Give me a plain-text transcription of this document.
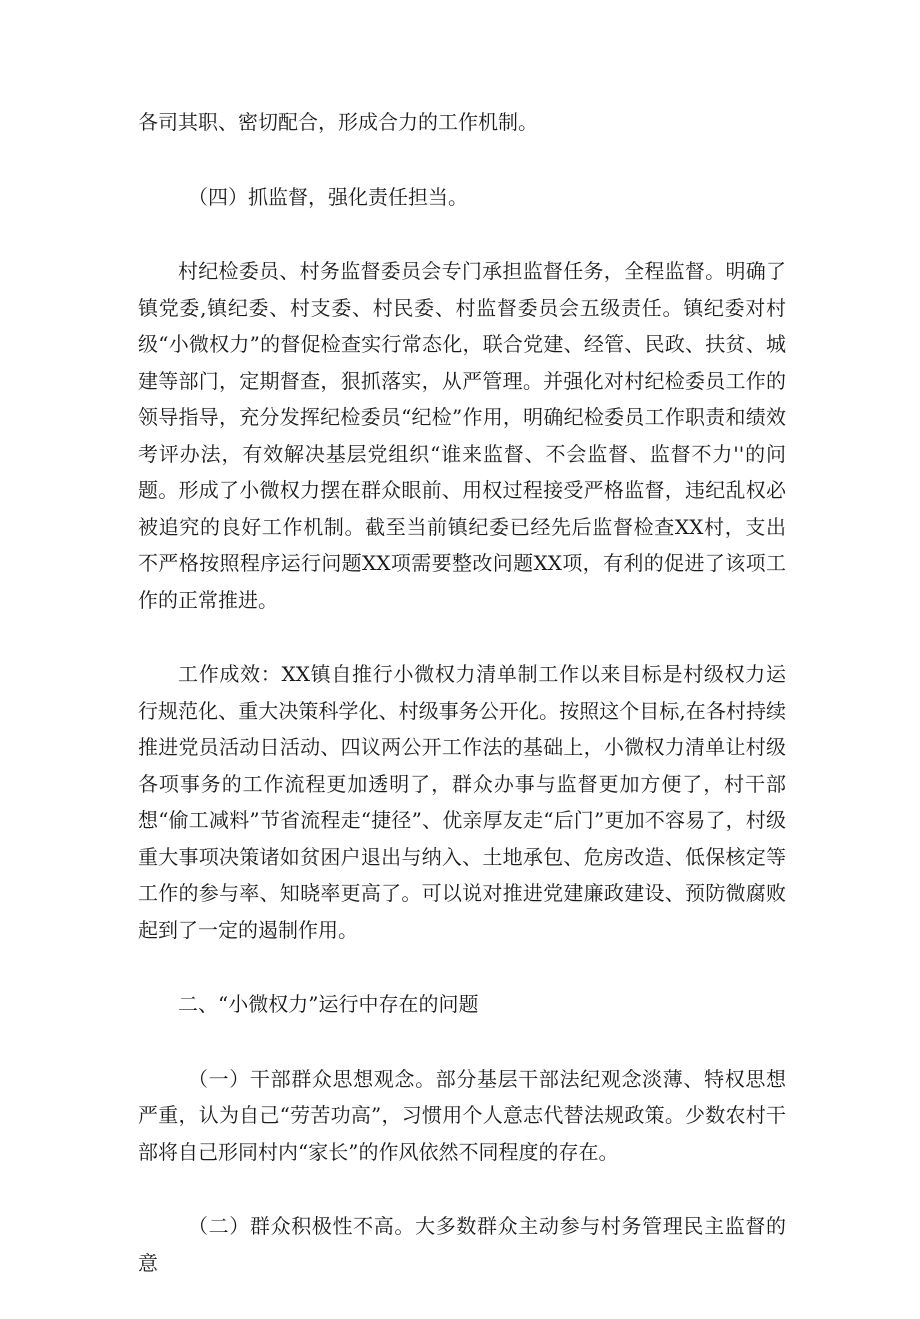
各司其职、密切配合，形成合力的工作机制。

（四）抓监督，强化责任担当。

村纪检委员、村务监督委员会专门承担监督任务，全程监督。明确了镇党委,镇纪委、村支委、村民委、村监督委员会五级责任。镇纪委对村级“小微权力”的督促检查实行常态化，联合党建、经管、民政、扶贫、城建等部门，定期督查，狠抓落实，从严管理。并强化对村纪检委员工作的领导指导，充分发挥纪检委员“纪检”作用，明确纪检委员工作职责和绩效考评办法，有效解决基层党组织“谁来监督、不会监督、监督不力''的问题。形成了小微权力摆在群众眼前、用权过程接受严格监督，违纪乱权必被追究的良好工作机制。截至当前镇纪委已经先后监督检查XX村，支出不严格按照程序运行问题XX项需要整改问题XX项，有利的促进了该项工作的正常推进。

工作成效：XX镇自推行小微权力清单制工作以来目标是村级权力运行规范化、重大决策科学化、村级事务公开化。按照这个目标,在各村持续推进党员活动日活动、四议两公开工作法的基础上，小微权力清单让村级各项事务的工作流程更加透明了，群众办事与监督更加方便了，村干部想“偷工减料”节省流程走“捷径”、优亲厚友走“后门”更加不容易了，村级重大事项决策诸如贫困户退出与纳入、土地承包、危房改造、低保核定等工作的参与率、知晓率更高了。可以说对推进党建廉政建设、预防微腐败起到了一定的遏制作用。

二、“小微权力”运行中存在的问题

（一）干部群众思想观念。部分基层干部法纪观念淡薄、特权思想严重，认为自己“劳苦功高”，习惯用个人意志代替法规政策。少数农村干部将自己形同村内“家长”的作风依然不同程度的存在。

（二）群众积极性不高。大多数群众主动参与村务管理民主监督的意
